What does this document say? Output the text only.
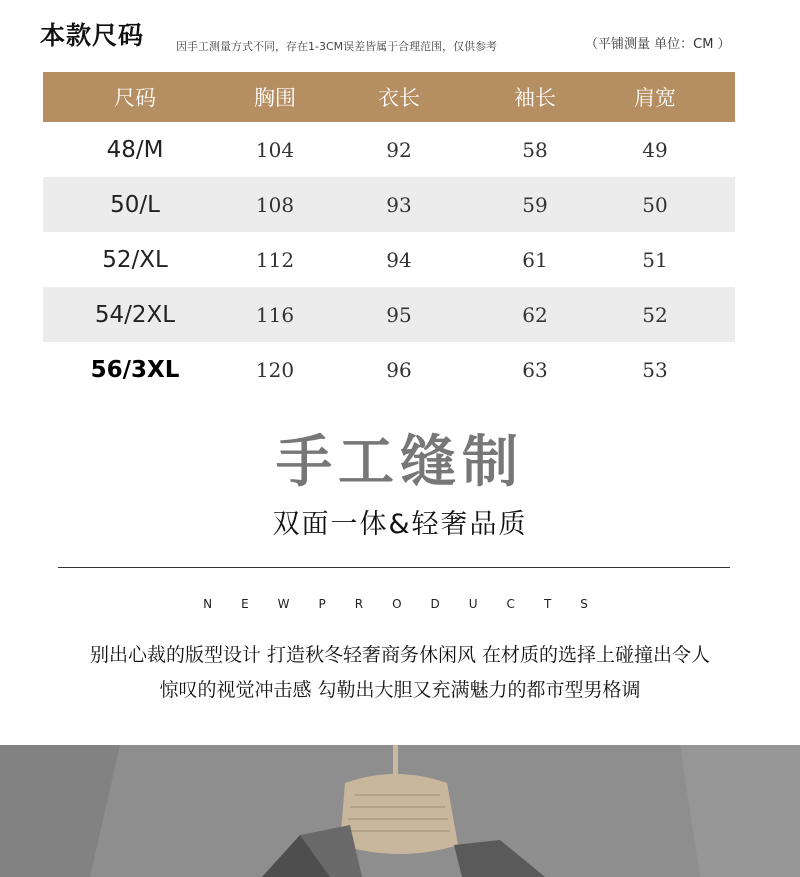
本款尺码	因手工测量方式不同，存在1-3CM误差皆属于合理范围，仅供参考	（平铺测量 单位：CM ）
尺码	胸围	衣长	袖长	肩宽
48/M	104	92	58	49
50/L	108	93	59	50
52/XL	112	94	61	51
54/2XL	116	95	62	52
56/3XL	120	96	63	53
手工缝制
双面一体&轻奢品质
NEWPRODUCTS
别出心裁的版型设计 打造秋冬轻奢商务休闲风 在材质的选择上碰撞出令人
惊叹的视觉冲击感 勾勒出大胆又充满魅力的都市型男格调
